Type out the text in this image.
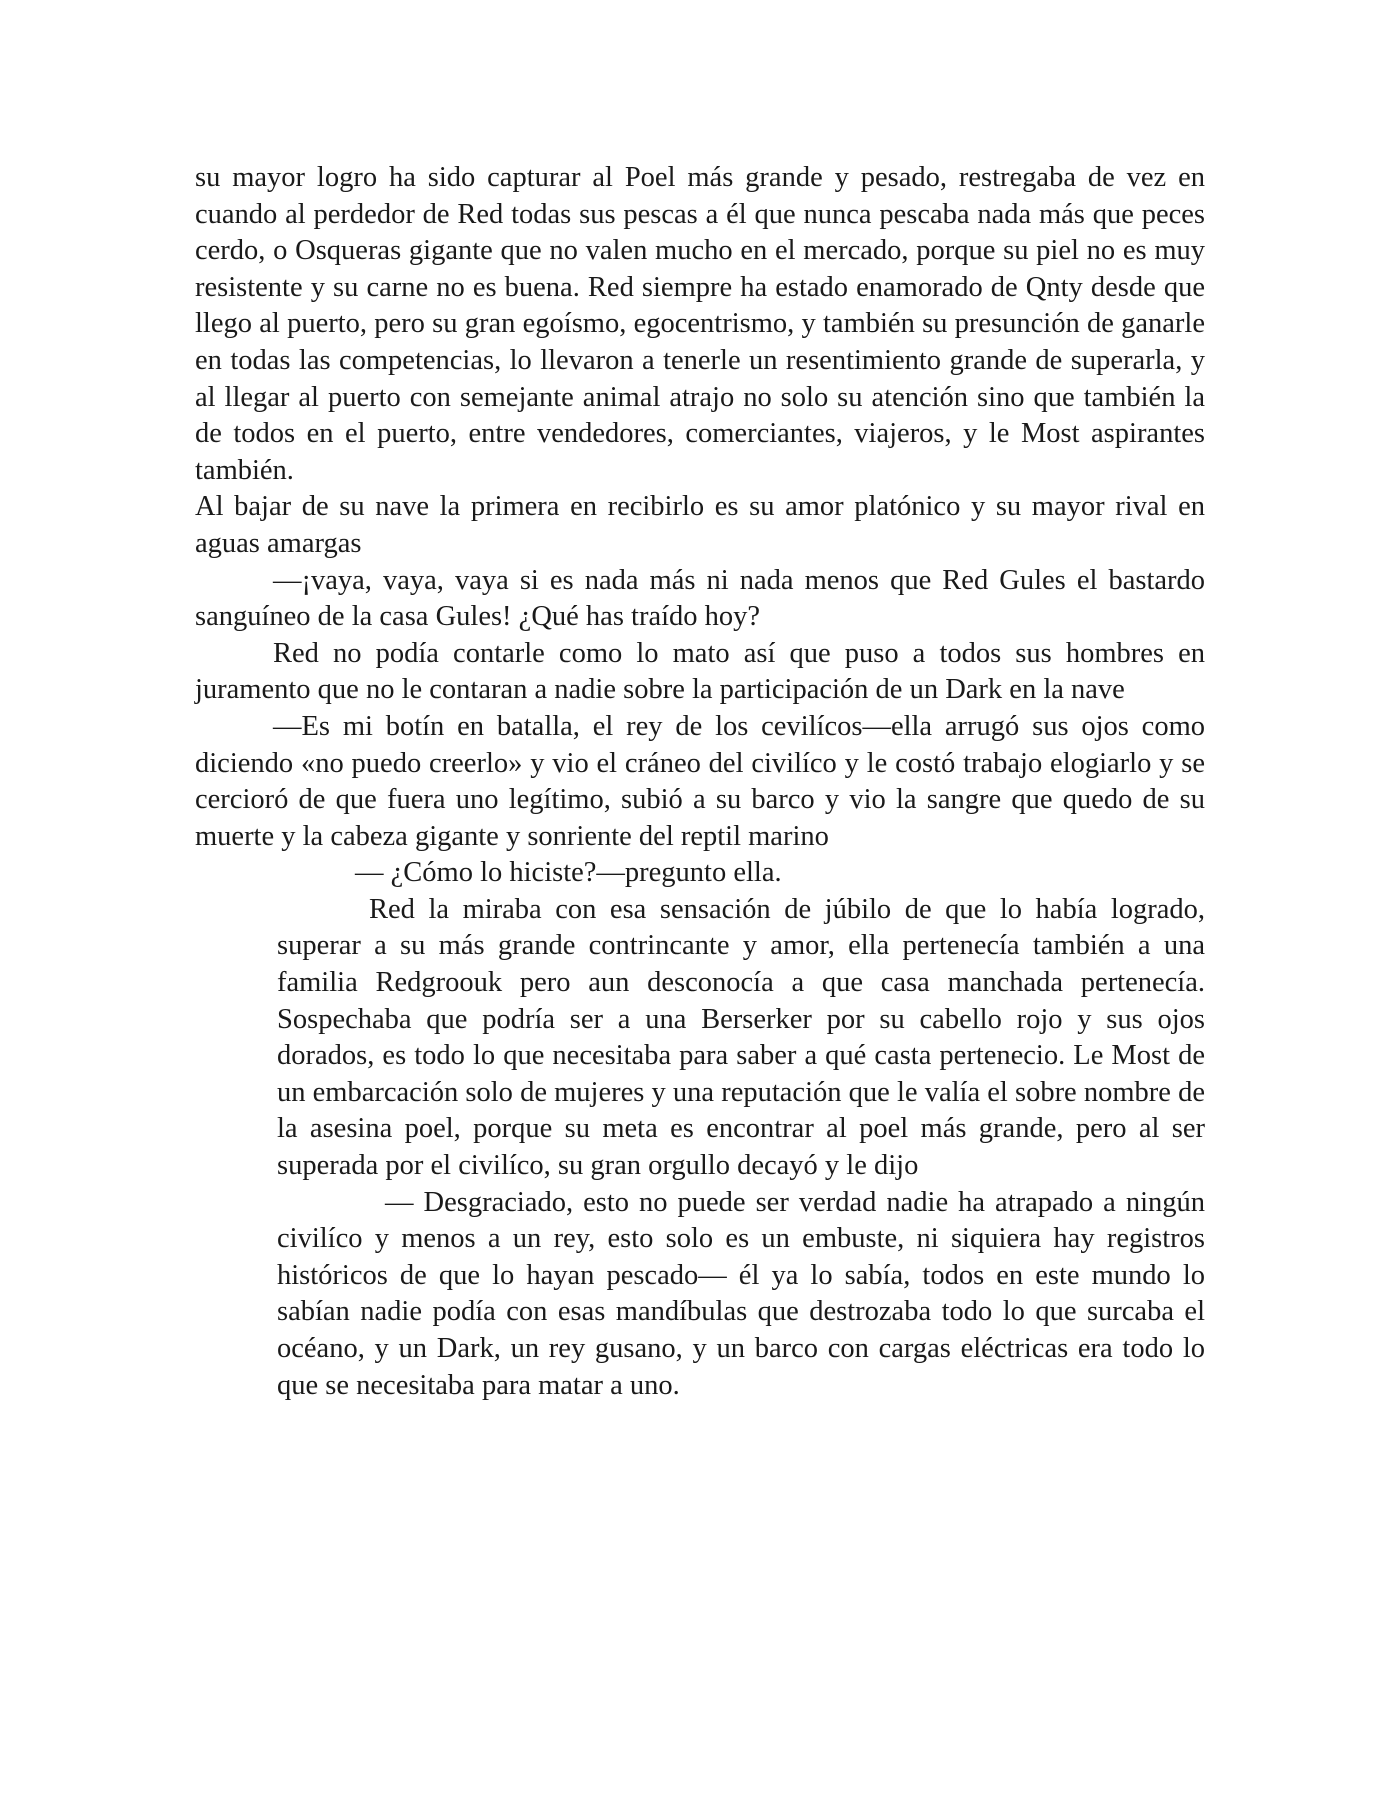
su mayor logro ha sido capturar al Poel más grande y pesado, restregaba de vez en cuando al perdedor de Red todas sus pescas a él que nunca pescaba nada más que peces cerdo, o Osqueras gigante que no valen mucho en el mercado, porque su piel no es muy resistente y su carne no es buena. Red siempre ha estado enamorado de Qnty desde que llego al puerto, pero su gran egoísmo, egocentrismo, y también su presunción de ganarle en todas las competencias, lo llevaron a tenerle un resentimiento grande de superarla, y al llegar al puerto con semejante animal atrajo no solo su atención sino que también la de todos en el puerto, entre vendedores, comerciantes, viajeros, y le Most aspirantes también.

Al bajar de su nave la primera en recibirlo es su amor platónico y su mayor rival en aguas amargas

—¡vaya, vaya, vaya si es nada más ni nada menos que Red Gules el bastardo sanguíneo de la casa Gules! ¿Qué has traído hoy?

Red no podía contarle como lo mato así que puso a todos sus hombres en juramento que no le contaran a nadie sobre la participación de un Dark en la nave

—Es mi botín en batalla, el rey de los cevilícos—ella arrugó sus ojos como diciendo «no puedo creerlo» y vio el cráneo del civilíco y le costó trabajo elogiarlo y se cercioró de que fuera uno legítimo, subió a su barco y vio la sangre que quedo de su muerte y la cabeza gigante y sonriente del reptil marino

— ¿Cómo lo hiciste?—pregunto ella.

Red la miraba con esa sensación de júbilo de que lo había logrado, superar a su más grande contrincante y amor, ella pertenecía también a una familia Redgroouk pero aun desconocía a que casa manchada pertenecía. Sospechaba que podría ser a una Berserker por su cabello rojo y sus ojos dorados, es todo lo que necesitaba para saber a qué casta pertenecio. Le Most de un embarcación solo de mujeres y una reputación que le valía el sobre nombre de la asesina poel, porque su meta es encontrar al poel más grande, pero al ser superada por el civilíco, su gran orgullo decayó y le dijo

— Desgraciado, esto no puede ser verdad nadie ha atrapado a ningún civilíco y menos a un rey, esto solo es un embuste, ni siquiera hay registros históricos de que lo hayan pescado— él ya lo sabía, todos en este mundo lo sabían nadie podía con esas mandíbulas que destrozaba todo lo que surcaba el océano, y un Dark, un rey gusano, y un barco con cargas eléctricas era todo lo que se necesitaba para matar a uno.
